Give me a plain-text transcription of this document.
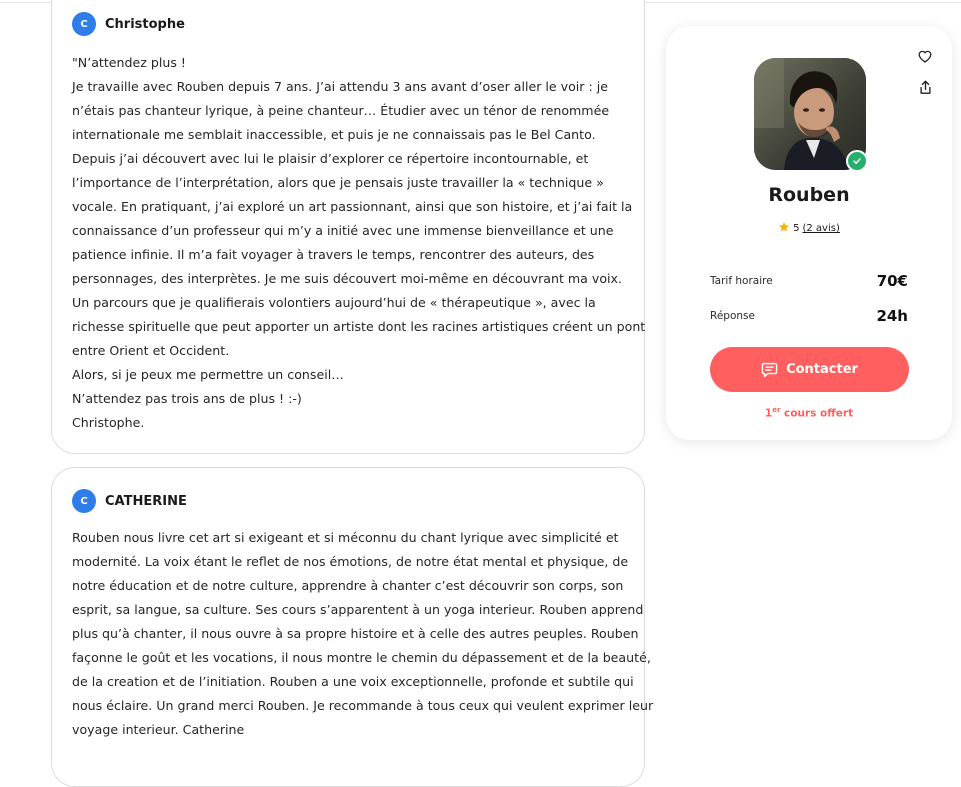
C	Christophe
"N’attendez plus !
Je travaille avec Rouben depuis 7 ans. J’ai attendu 3 ans avant d’oser aller le voir : je
n’étais pas chanteur lyrique, à peine chanteur… Étudier avec un ténor de renommée
internationale me semblait inaccessible, et puis je ne connaissais pas le Bel Canto.
Depuis j’ai découvert avec lui le plaisir d’explorer ce répertoire incontournable, et
l’importance de l’interprétation, alors que je pensais juste travailler la « technique »
vocale. En pratiquant, j’ai exploré un art passionnant, ainsi que son histoire, et j’ai fait la
connaissance d’un professeur qui m’y a initié avec une immense bienveillance et une
patience infinie. Il m’a fait voyager à travers le temps, rencontrer des auteurs, des
personnages, des interprètes. Je me suis découvert moi-même en découvrant ma voix.
Un parcours que je qualifierais volontiers aujourd’hui de « thérapeutique », avec la
richesse spirituelle que peut apporter un artiste dont les racines artistiques créent un pont
entre Orient et Occident.
Alors, si je peux me permettre un conseil…
N’attendez pas trois ans de plus ! :-)
Christophe.
C	CATHERINE
Rouben nous livre cet art si exigeant et si méconnu du chant lyrique avec simplicité et
modernité. La voix étant le reflet de nos émotions, de notre état mental et physique, de
notre éducation et de notre culture, apprendre à chanter c’est découvrir son corps, son
esprit, sa langue, sa culture. Ses cours s’apparentent à un yoga interieur. Rouben apprend
plus qu’à chanter, il nous ouvre à sa propre histoire et à celle des autres peuples. Rouben
façonne le goût et les vocations, il nous montre le chemin du dépassement et de la beauté,
de la creation et de l’initiation. Rouben a une voix exceptionnelle, profonde et subtile qui
nous éclaire. Un grand merci Rouben. Je recommande à tous ceux qui veulent exprimer leur
voyage interieur. Catherine
Rouben
5 (2 avis)
Tarif horaire	70€
Réponse	24h
Contacter
1er cours offert
